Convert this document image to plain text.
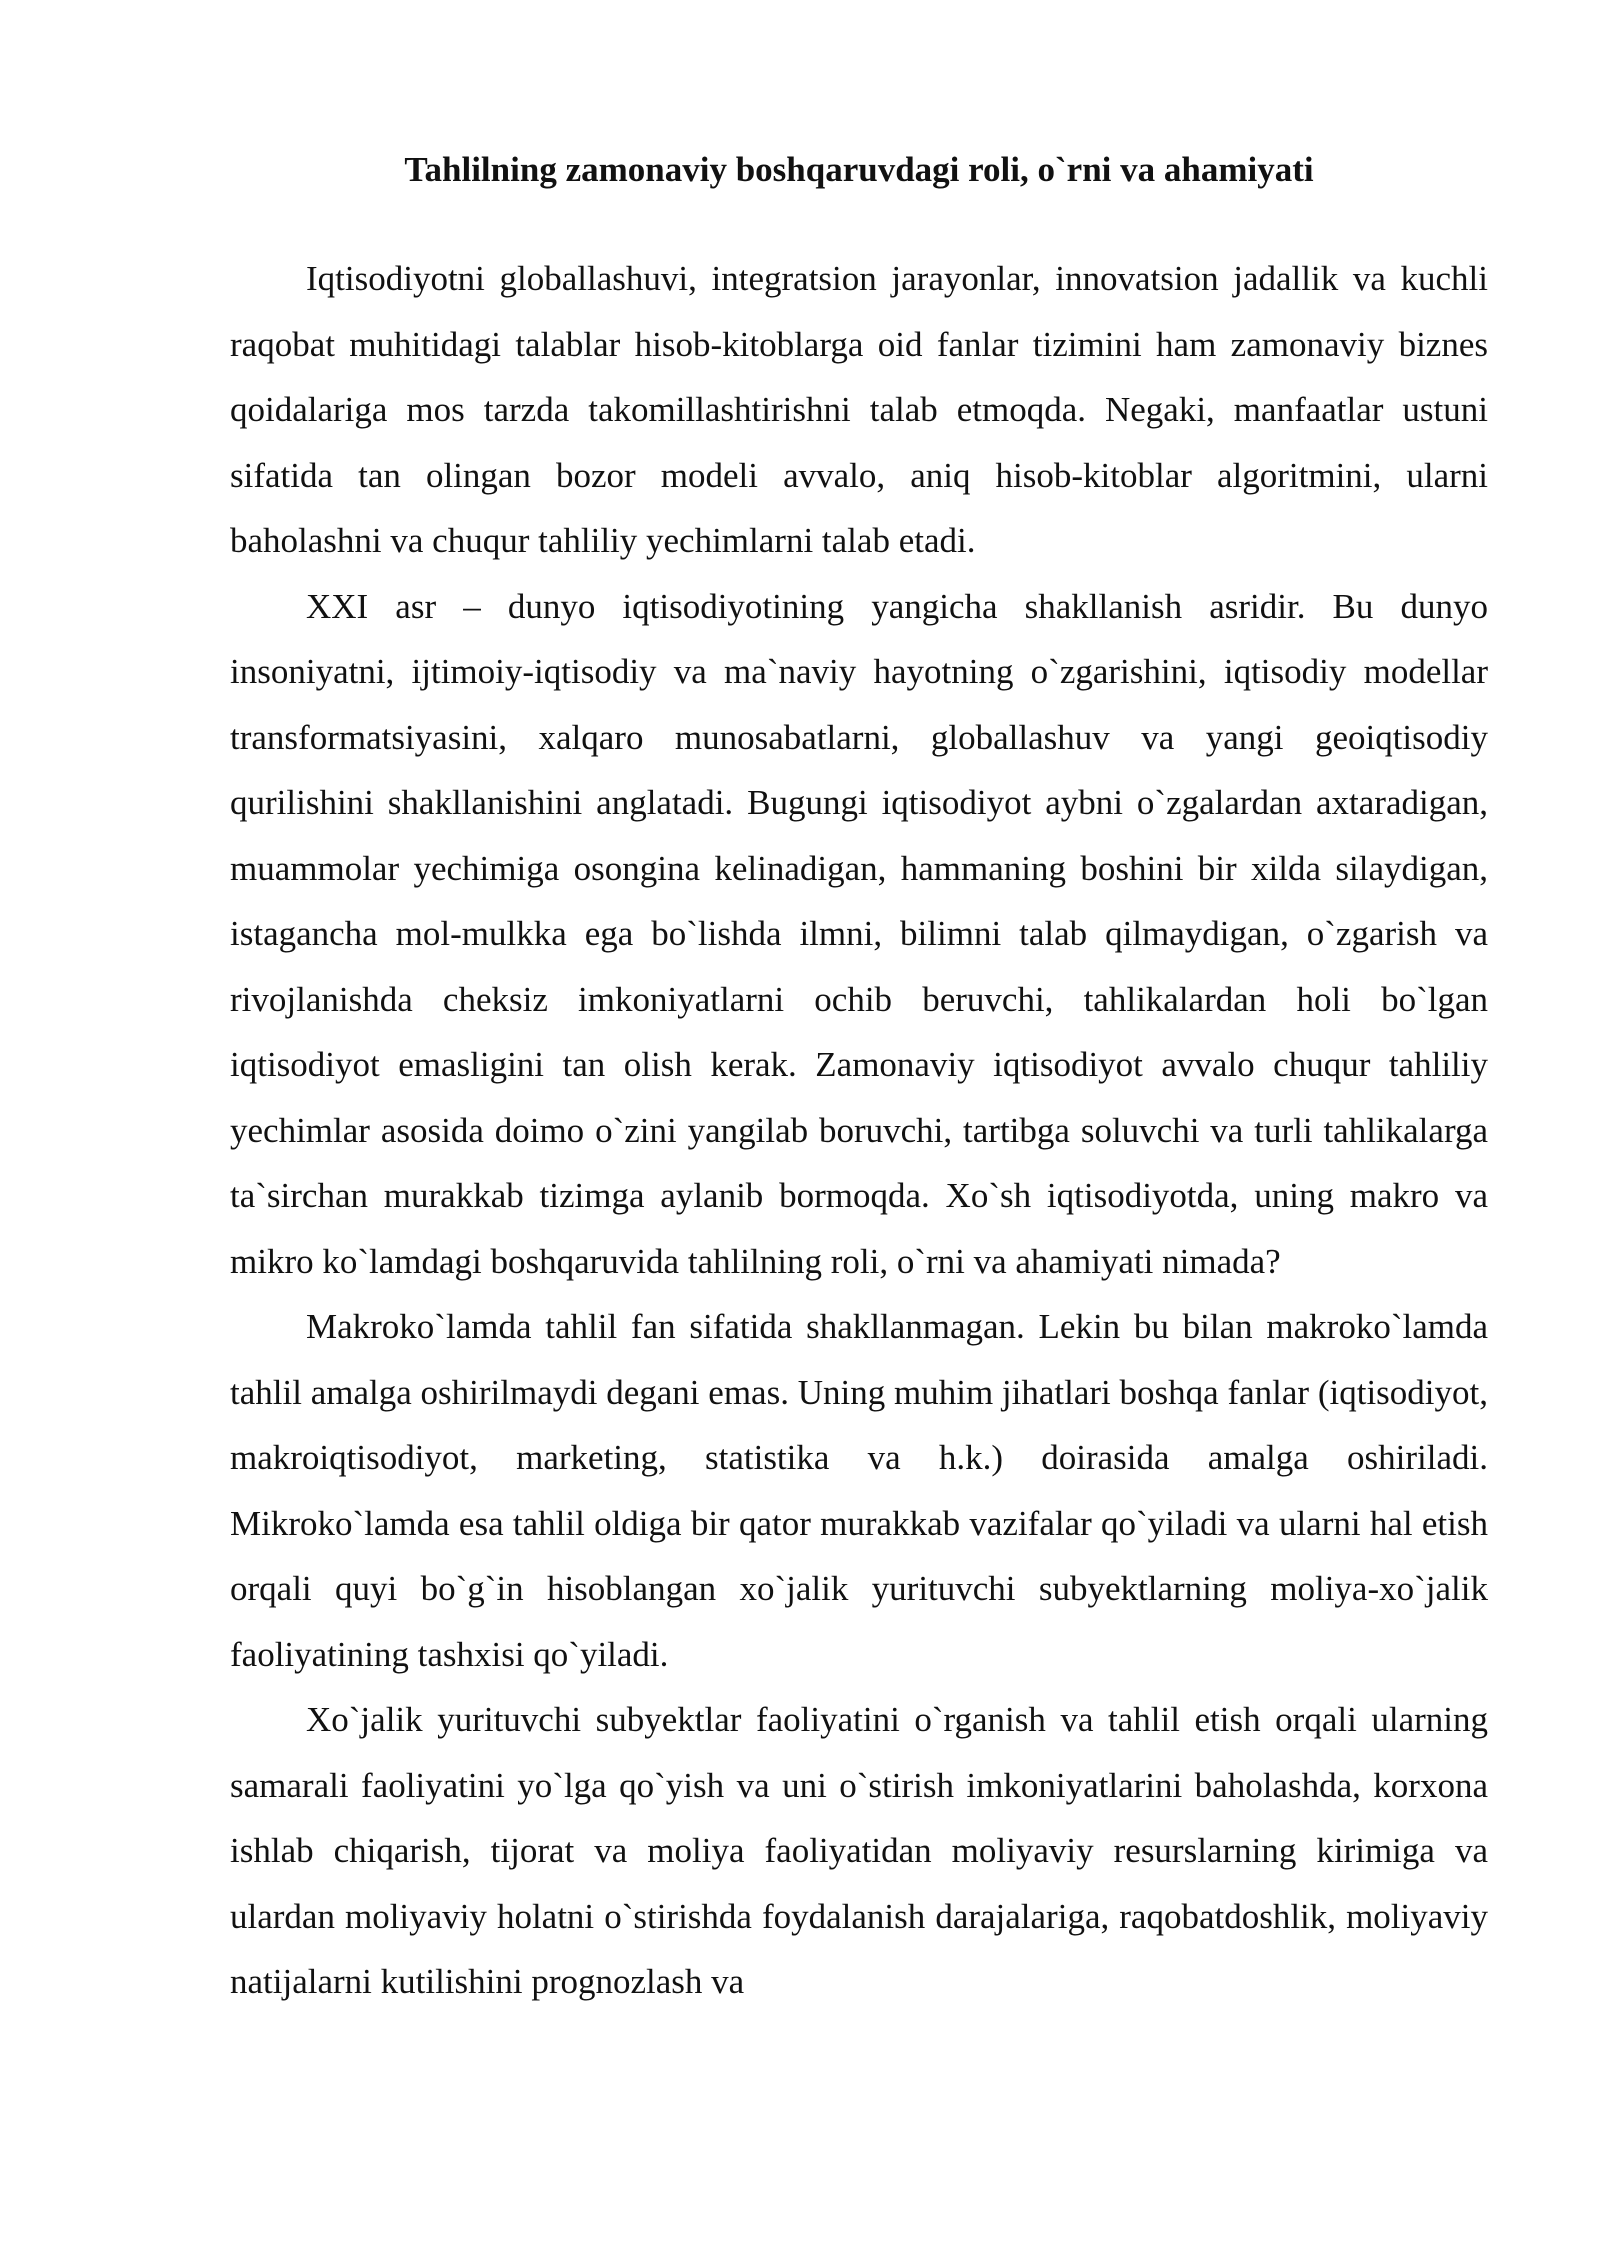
Tahlilning zamonaviy boshqaruvdagi roli, o`rni va ahamiyati

Iqtisodiyotni globallashuvi, integratsion jarayonlar, innovatsion jadallik va kuchli raqobat muhitidagi talablar hisob-kitoblarga oid fanlar tizimini ham zamonaviy biznes qoidalariga mos tarzda takomillashtirishni talab etmoqda. Negaki, manfaatlar ustuni sifatida tan olingan bozor modeli avvalo, aniq hisob-kitoblar algoritmini, ularni baholashni va chuqur tahliliy yechimlarni talab etadi.

XXI asr – dunyo iqtisodiyotining yangicha shakllanish asridir. Bu dunyo insoniyatni, ijtimoiy-iqtisodiy va ma`naviy hayotning o`zgarishini, iqtisodiy modellar transformatsiyasini, xalqaro munosabatlarni, globallashuv va yangi geoiqtisodiy qurilishini shakllanishini anglatadi. Bugungi iqtisodiyot aybni o`zgalardan axtaradigan, muammolar yechimiga osongina kelinadigan, hammaning boshini bir xilda silaydigan, istagancha mol-mulkka ega bo`lishda ilmni, bilimni talab qilmaydigan, o`zgarish va rivojlanishda cheksiz imkoniyatlarni ochib beruvchi, tahlikalardan holi bo`lgan iqtisodiyot emasligini tan olish kerak. Zamonaviy iqtisodiyot avvalo chuqur tahliliy yechimlar asosida doimo o`zini yangilab boruvchi, tartibga soluvchi va turli tahlikalarga ta`sirchan murakkab tizimga aylanib bormoqda. Xo`sh iqtisodiyotda, uning makro va mikro ko`lamdagi boshqaruvida tahlilning roli, o`rni va ahamiyati nimada?

Makroko`lamda tahlil fan sifatida shakllanmagan. Lekin bu bilan makroko`lamda tahlil amalga oshirilmaydi degani emas. Uning muhim jihatlari boshqa fanlar (iqtisodiyot, makroiqtisodiyot, marketing, statistika va h.k.) doirasida amalga oshiriladi. Mikroko`lamda esa tahlil oldiga bir qator murakkab vazifalar qo`yiladi va ularni hal etish orqali quyi bo`g`in hisoblangan xo`jalik yurituvchi subyektlarning moliya-xo`jalik faoliyatining tashxisi qo`yiladi.

Xo`jalik yurituvchi subyektlar faoliyatini o`rganish va tahlil etish orqali ularning samarali faoliyatini yo`lga qo`yish va uni o`stirish imkoniyatlarini baholashda, korxona ishlab chiqarish, tijorat va moliya faoliyatidan moliyaviy resurslarning kirimiga va ulardan moliyaviy holatni o`stirishda foydalanish darajalariga, raqobatdoshlik, moliyaviy natijalarni kutilishini prognozlash va
